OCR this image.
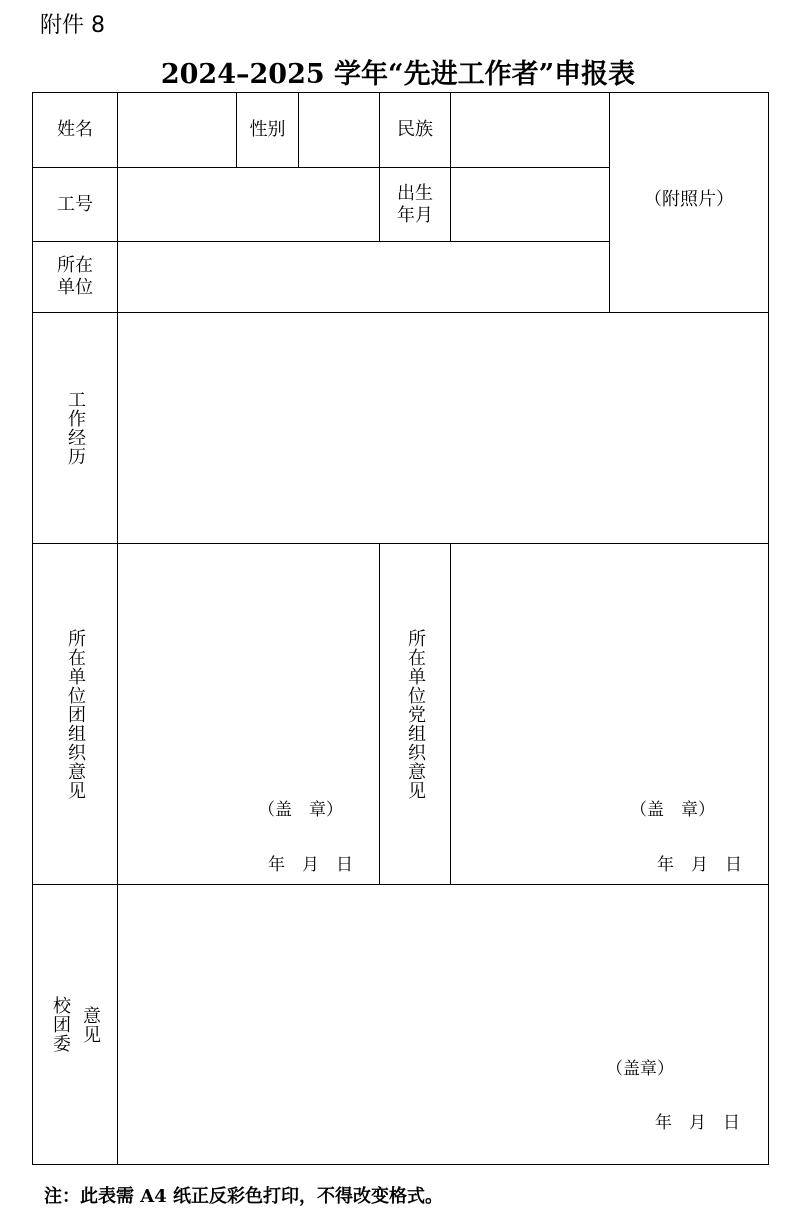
附件 8
2024–2025 学年“先进工作者”申报表
姓名	性别	民族
（附照片）
工号
出生
年月
所在
单位
工作经历
所在单位团组织意见
（盖　章）
年　月　日
所在单位党组织意见
（盖　章）
年　月　日
校团委 意见
（盖章）
年　月　日
注：此表需 A4 纸正反彩色打印，不得改变格式。
